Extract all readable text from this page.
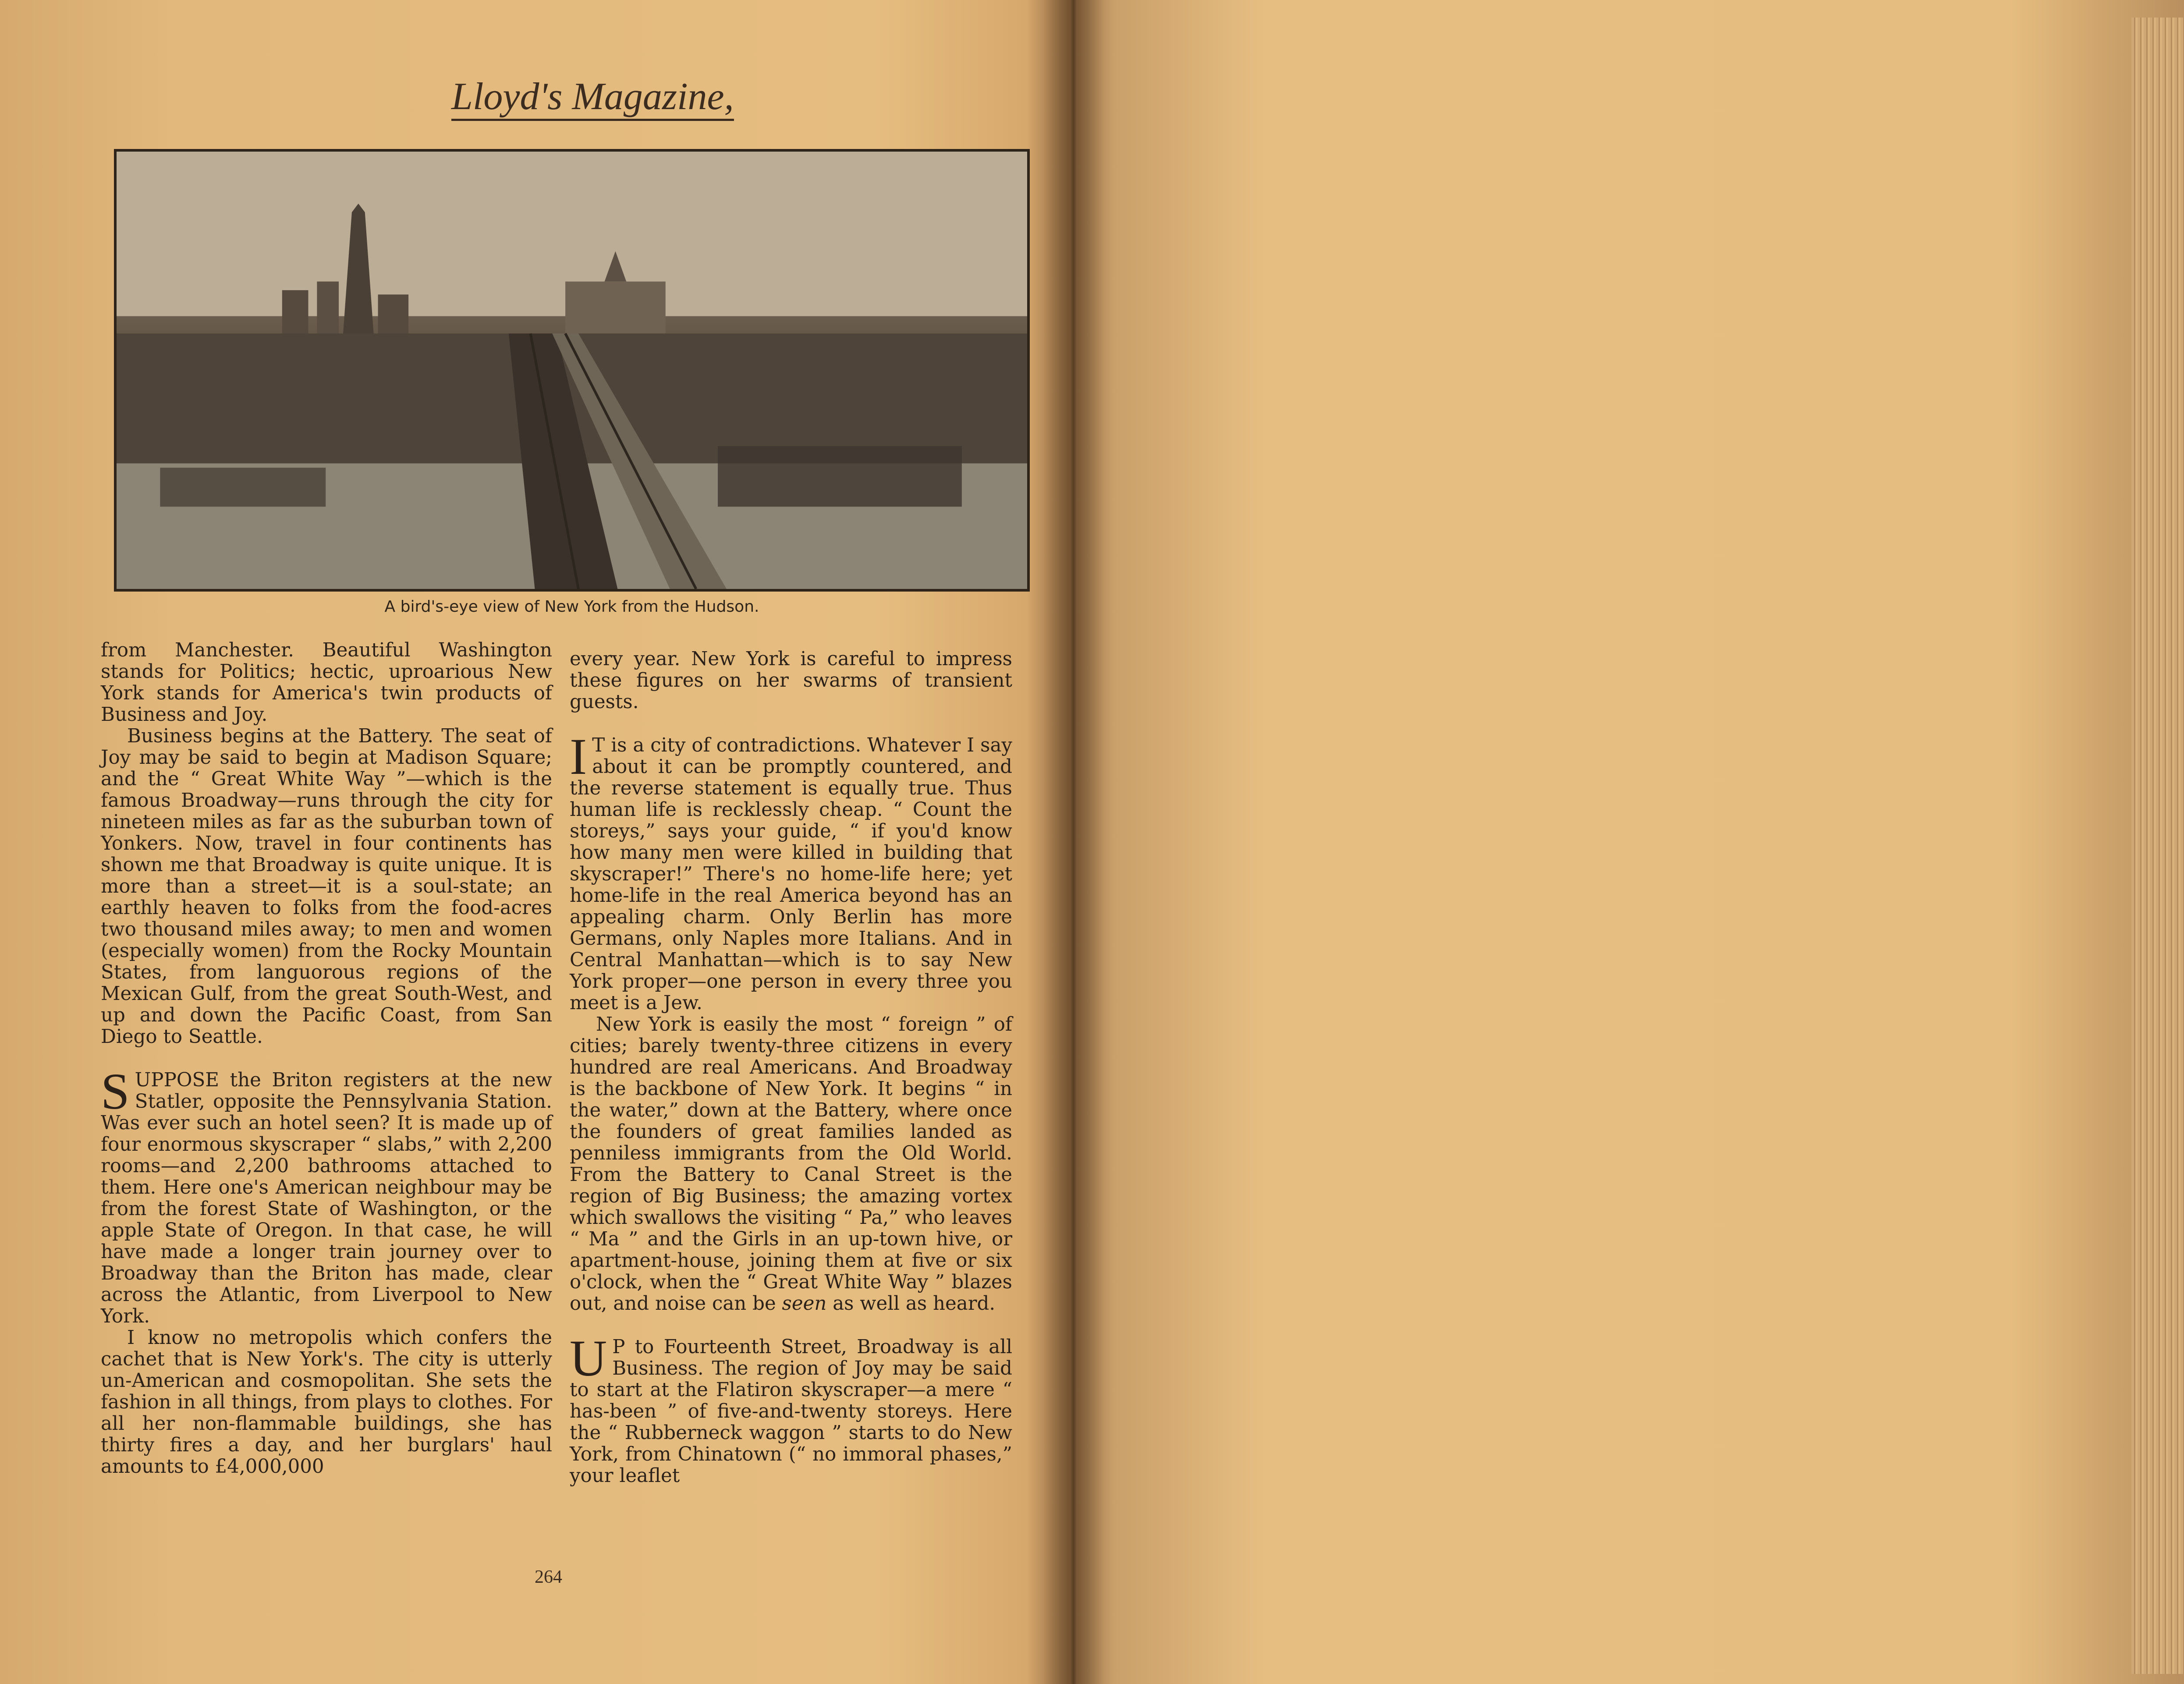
Lloyd's Magazine,
A bird's-eye view of New York from the Hudson.

from Manchester. Beautiful Washington stands for Politics; hectic, uproarious New York stands for America's twin products of Business and Joy.

Business begins at the Battery. The seat of Joy may be said to begin at Madison Square; and the “ Great White Way ”—which is the famous Broadway—runs through the city for nineteen miles as far as the suburban town of Yonkers. Now, travel in four continents has shown me that Broadway is quite unique. It is more than a street—it is a soul-state; an earthly heaven to folks from the food-acres two thousand miles away; to men and women (especially women) from the Rocky Mountain States, from languorous regions of the Mexican Gulf, from the great South-West, and up and down the Pacific Coast, from San Diego to Seattle.

SUPPOSE the Briton registers at the new Statler, opposite the Pennsylvania Station. Was ever such an hotel seen? It is made up of four enormous skyscraper “ slabs,” with 2,200 rooms—and 2,200 bathrooms attached to them. Here one's American neighbour may be from the forest State of Washington, or the apple State of Oregon. In that case, he will have made a longer train journey over to Broadway than the Briton has made, clear across the Atlantic, from Liverpool to New York.

I know no metropolis which confers the cachet that is New York's. The city is utterly un-American and cosmopolitan. She sets the fashion in all things, from plays to clothes. For all her non-flammable buildings, she has thirty fires a day, and her burglars' haul amounts to £4,000,000

every year. New York is careful to impress these figures on her swarms of transient guests.

I T is a city of contradictions. Whatever I say about it can be promptly countered, and the reverse statement is equally true. Thus human life is recklessly cheap. “ Count the storeys,” says your guide, “ if you'd know how many men were killed in building that skyscraper!” There's no home-life here; yet home-life in the real America beyond has an appealing charm. Only Berlin has more Germans, only Naples more Italians. And in Central Manhattan—which is to say New York proper—one person in every three you meet is a Jew.

New York is easily the most “ foreign ” of cities; barely twenty-three citizens in every hundred are real Americans. And Broadway is the backbone of New York. It begins “ in the water,” down at the Battery, where once the founders of great families landed as penniless immigrants from the Old World. From the Battery to Canal Street is the region of Big Business; the amazing vortex which swallows the visiting “ Pa,” who leaves “ Ma ” and the Girls in an up-town hive, or apartment-house, joining them at five or six o'clock, when the “ Great White Way ” blazes out, and noise can be seen as well as heard.

U P to Fourteenth Street, Broadway is all Business. The region of Joy may be said to start at the Flatiron skyscraper—a mere “ has-been ” of five-and-twenty storeys. Here the “ Rubberneck waggon ” starts to do New York, from Chinatown (“ no immoral phases,” your leaflet

264
